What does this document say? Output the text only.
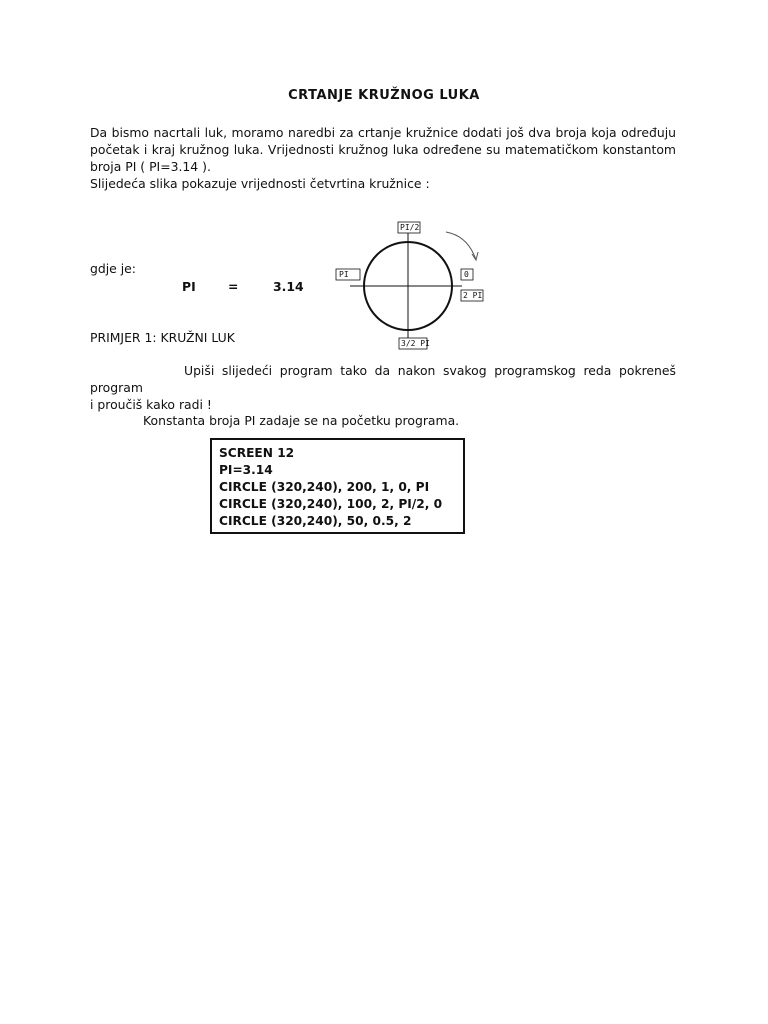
CRTANJE KRUŽNOG LUKA
Da bismo nacrtali luk, moramo naredbi za crtanje kružnice dodati još dva broja koja određuju
početak i kraj kružnog luka. Vrijednosti kružnog luka određene su matematičkom konstantom
broja PI ( PI=3.14 ).
Slijedeća slika pokazuje vrijednosti četvrtina kružnice :
gdje je:
PI	=	3.14
PI/2
PI	0
2 PI
3/2 PI
PRIMJER 1: KRUŽNI LUK
Upiši slijedeći program tako da nakon svakog programskog reda pokreneš program
i proučiš kako radi !
Konstanta broja PI zadaje se na početku programa.
SCREEN 12
PI=3.14
CIRCLE (320,240), 200, 1, 0, PI
CIRCLE (320,240), 100, 2, PI/2, 0
CIRCLE (320,240), 50, 0.5, 2
